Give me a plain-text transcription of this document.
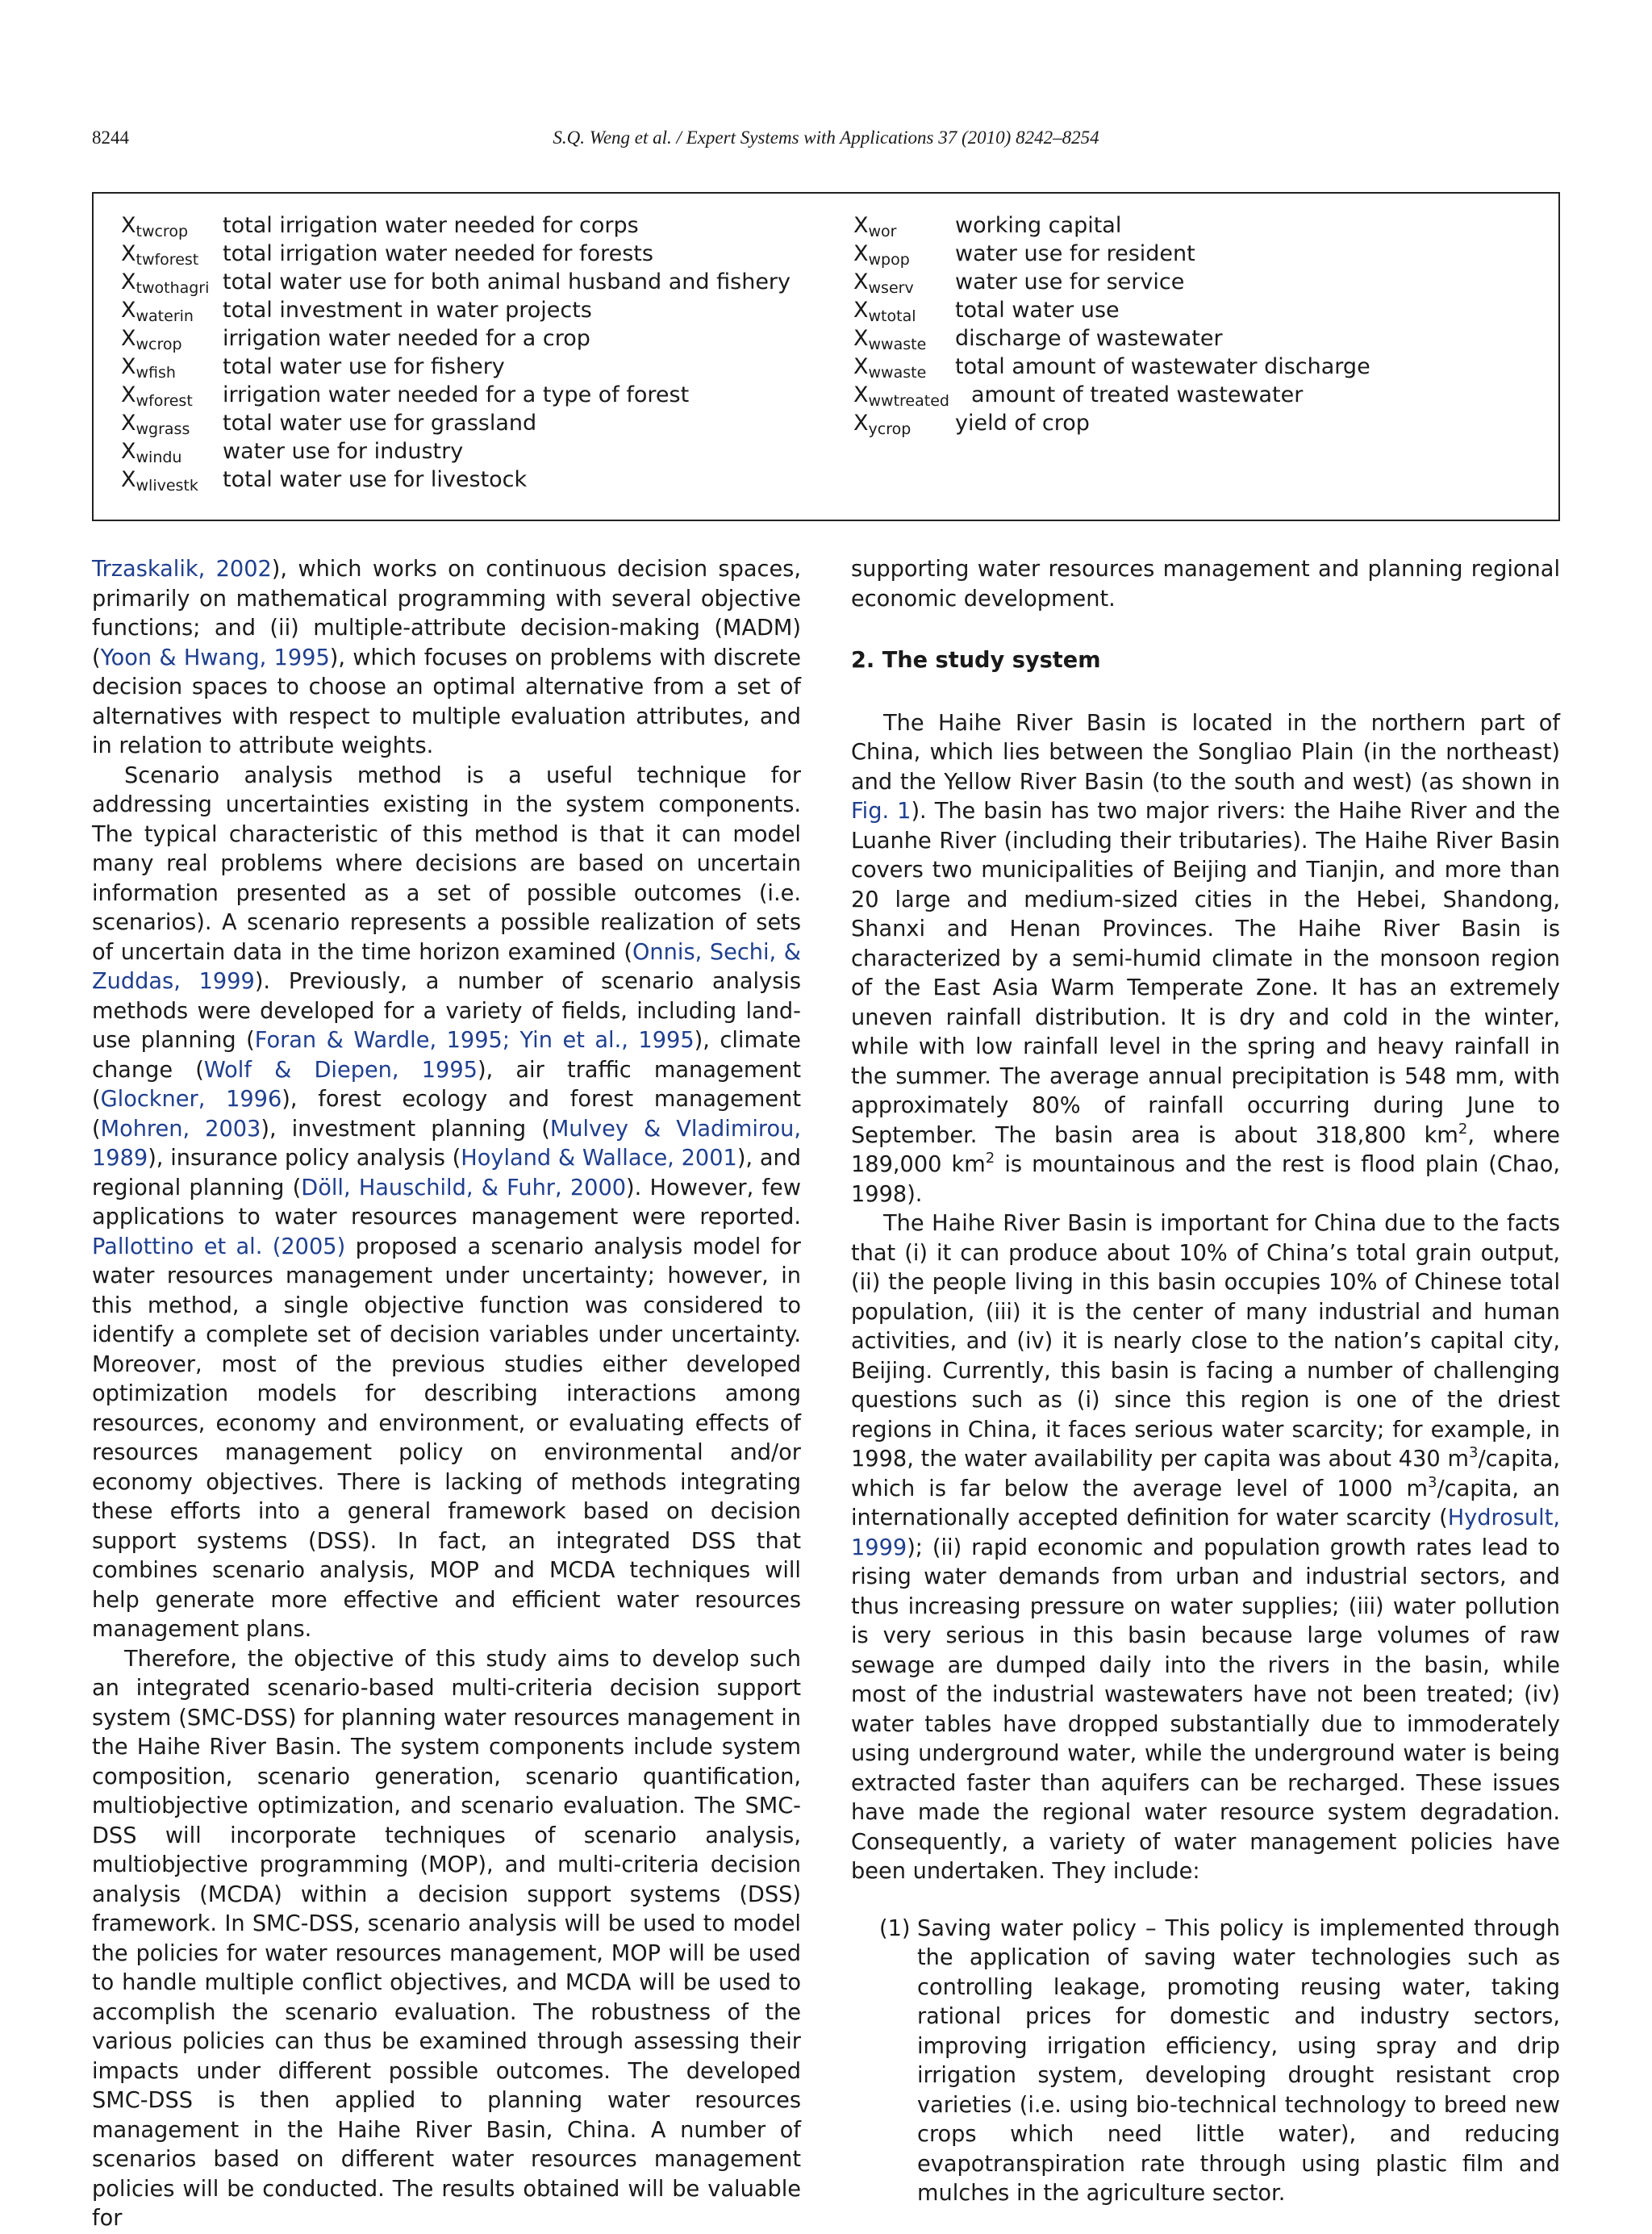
8244	S.Q. Weng et al. / Expert Systems with Applications 37 (2010) 8242–8254
$X_{twcrop}$ total irrigation water needed for corps
$X_{twforest}$ total irrigation water needed for forests
$X_{twothagri}$ total water use for both animal husband and fishery
$X_{waterin}$ total investment in water projects
$X_{wcrop}$ irrigation water needed for a crop
$X_{wfish}$ total water use for fishery
$X_{wforest}$ irrigation water needed for a type of forest
$X_{wgrass}$ total water use for grassland
$X_{windu}$ water use for industry
$X_{wlivestk}$ total water use for livestock
$X_{wor}$	working capital
$X_{wpop}$ water use for resident
$X_{wserv}$ water use for service
$X_{wtotal}$ total water use
$X_{wwaste}$ discharge of wastewater
$X_{wwaste}$ total amount of wastewater discharge
$X_{wwtreated}$ amount of treated wastewater
$X_{ycrop}$ yield of crop

Trzaskalik, 2002), which works on continuous decision spaces, primarily on mathematical programming with several objective functions; and (ii) multiple-attribute decision-making (MADM) (Yoon & Hwang, 1995), which focuses on problems with discrete decision spaces to choose an optimal alternative from a set of alternatives with respect to multiple evaluation attributes, and in relation to attribute weights.

Scenario analysis method is a useful technique for addressing uncertainties existing in the system components. The typical characteristic of this method is that it can model many real problems where decisions are based on uncertain information presented as a set of possible outcomes (i.e. scenarios). A scenario represents a possible realization of sets of uncertain data in the time horizon examined (Onnis, Sechi, & Zuddas, 1999). Previously, a number of scenario analysis methods were developed for a variety of fields, including land-use planning (Foran & Wardle, 1995; Yin et al., 1995), climate change (Wolf & Diepen, 1995), air traffic management (Glockner, 1996), forest ecology and forest management (Mohren, 2003), investment planning (Mulvey & Vladimirou, 1989), insurance policy analysis (Hoyland & Wallace, 2001), and regional planning (Döll, Hauschild, & Fuhr, 2000). However, few applications to water resources management were reported. Pallottino et al. (2005) proposed a scenario analysis model for water resources management under uncertainty; however, in this method, a single objective function was considered to identify a complete set of decision variables under uncertainty. Moreover, most of the previous studies either developed optimization models for describing interactions among resources, economy and environment, or evaluating effects of resources management policy on environmental and/or economy objectives. There is lacking of methods integrating these efforts into a general framework based on decision support systems (DSS). In fact, an integrated DSS that combines scenario analysis, MOP and MCDA techniques will help generate more effective and efficient water resources management plans.

Therefore, the objective of this study aims to develop such an integrated scenario-based multi-criteria decision support system (SMC-DSS) for planning water resources management in the Haihe River Basin. The system components include system composition, scenario generation, scenario quantification, multiobjective optimization, and scenario evaluation. The SMC-DSS will incorporate techniques of scenario analysis, multiobjective programming (MOP), and multi-criteria decision analysis (MCDA) within a decision support systems (DSS) framework. In SMC-DSS, scenario analysis will be used to model the policies for water resources management, MOP will be used to handle multiple conflict objectives, and MCDA will be used to accomplish the scenario evaluation. The robustness of the various policies can thus be examined through assessing their impacts under different possible outcomes. The developed SMC-DSS is then applied to planning water resources management in the Haihe River Basin, China. A number of scenarios based on different water resources management policies will be conducted. The results obtained will be valuable for

supporting water resources management and planning regional economic development.

2. The study system

The Haihe River Basin is located in the northern part of China, which lies between the Songliao Plain (in the northeast) and the Yellow River Basin (to the south and west) (as shown in Fig. 1). The basin has two major rivers: the Haihe River and the Luanhe River (including their tributaries). The Haihe River Basin covers two municipalities of Beijing and Tianjin, and more than 20 large and medium-sized cities in the Hebei, Shandong, Shanxi and Henan Provinces. The Haihe River Basin is characterized by a semi-humid climate in the monsoon region of the East Asia Warm Temperate Zone. It has an extremely uneven rainfall distribution. It is dry and cold in the winter, while with low rainfall level in the spring and heavy rainfall in the summer. The average annual precipitation is 548 mm, with approximately 80% of rainfall occurring during June to September. The basin area is about 318,800 $km^2$, where 189,000 $km^2$ is mountainous and the rest is flood plain (Chao, 1998).

The Haihe River Basin is important for China due to the facts that (i) it can produce about 10% of China’s total grain output, (ii) the people living in this basin occupies 10% of Chinese total population, (iii) it is the center of many industrial and human activities, and (iv) it is nearly close to the nation’s capital city, Beijing. Currently, this basin is facing a number of challenging questions such as (i) since this region is one of the driest regions in China, it faces serious water scarcity; for example, in 1998, the water availability per capita was about 430 $m^3$/capita, which is far below the average level of 1000 $m^3$/capita, an internationally accepted definition for water scarcity (Hydrosult, 1999); (ii) rapid economic and population growth rates lead to rising water demands from urban and industrial sectors, and thus increasing pressure on water supplies; (iii) water pollution is very serious in this basin because large volumes of raw sewage are dumped daily into the rivers in the basin, while most of the industrial wastewaters have not been treated; (iv) water tables have dropped substantially due to immoderately using underground water, while the underground water is being extracted faster than aquifers can be recharged. These issues have made the regional water resource system degradation. Consequently, a variety of water management policies have been undertaken. They include:

(1) Saving water policy – This policy is implemented through the application of saving water technologies such as controlling leakage, promoting reusing water, taking rational prices for domestic and industry sectors, improving irrigation efficiency, using spray and drip irrigation system, developing drought resistant crop varieties (i.e. using bio-technical technology to breed new crops which need little water), and reducing evapotranspiration rate through using plastic film and mulches in the agriculture sector.
